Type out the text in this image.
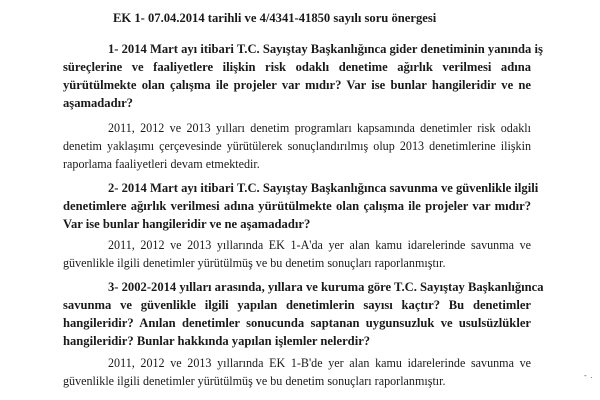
EK 1- 07.04.2014 tarihli ve 4/4341-41850 sayılı soru önergesi
1- 2014 Mart ayı itibari T.C. Sayıştay Başkanlığınca gider denetiminin yanında iş
süreçlerine ve faaliyetlere ilişkin risk odaklı denetime ağırlık verilmesi adına
yürütülmekte olan çalışma ile projeler var mıdır? Var ise bunlar hangileridir ve ne
aşamadadır?
2011, 2012 ve 2013 yılları denetim programları kapsamında denetimler risk odaklı
denetim yaklaşımı çerçevesinde yürütülerek sonuçlandırılmış olup 2013 denetimlerine ilişkin
raporlama faaliyetleri devam etmektedir.
2- 2014 Mart ayı itibari T.C. Sayıştay Başkanlığınca savunma ve güvenlikle ilgili
denetimlere ağırlık verilmesi adına yürütülmekte olan çalışma ile projeler var mıdır?
Var ise bunlar hangileridir ve ne aşamadadır?
2011, 2012 ve 2013 yıllarında EK 1-A'da yer alan kamu idarelerinde savunma ve
güvenlikle ilgili denetimler yürütülmüş ve bu denetim sonuçları raporlanmıştır.
3- 2002-2014 yılları arasında, yıllara ve kuruma göre T.C. Sayıştay Başkanlığınca
savunma ve güvenlikle ilgili yapılan denetimlerin sayısı kaçtır? Bu denetimler
hangileridir? Anılan denetimler sonucunda saptanan uygunsuzluk ve usulsüzlükler
hangileridir? Bunlar hakkında yapılan işlemler nelerdir?
2011, 2012 ve 2013 yıllarında EK 1-B'de yer alan kamu idarelerinde savunma ve
güvenlikle ilgili denetimler yürütülmüş ve bu denetim sonuçları raporlanmıştır.	- .
